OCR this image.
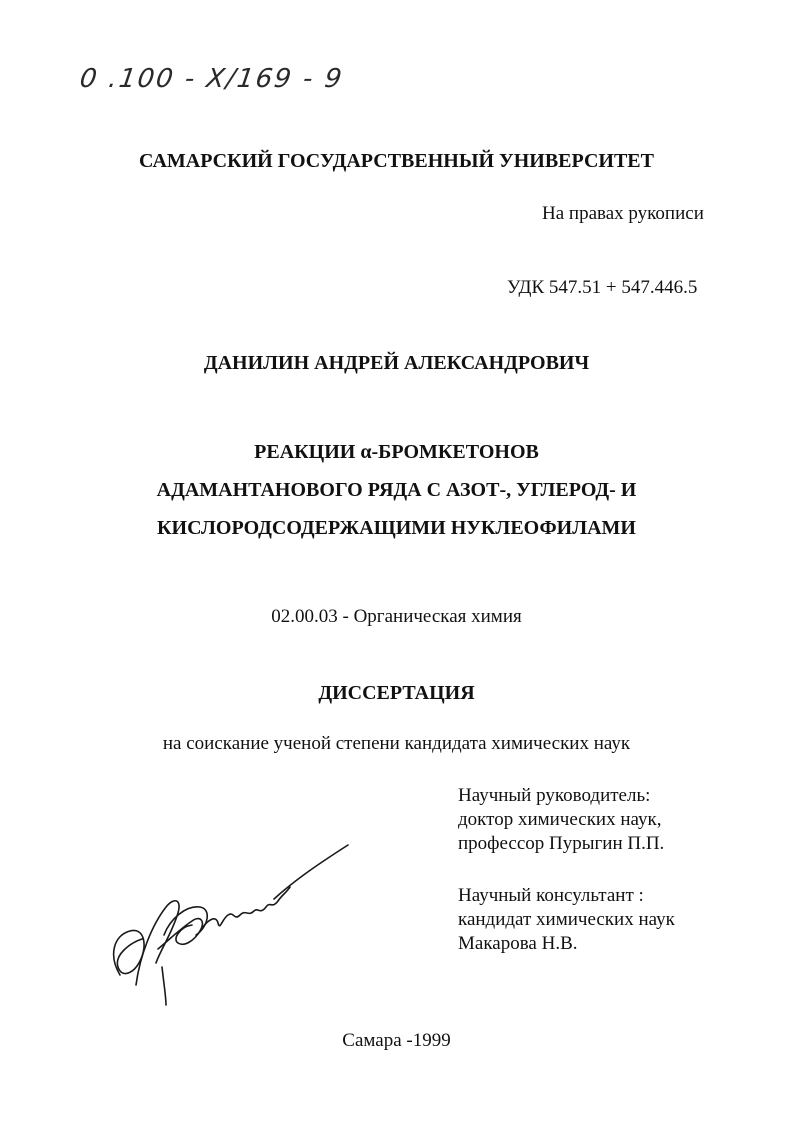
0 .100 - Х/169 - 9
САМАРСКИЙ ГОСУДАРСТВЕННЫЙ УНИВЕРСИТЕТ
На правах рукописи
УДК 547.51 + 547.446.5
ДАНИЛИН АНДРЕЙ АЛЕКСАНДРОВИЧ
РЕАКЦИИ α-БРОМКЕТОНОВ
АДАМАНТАНОВОГО РЯДА С АЗОТ-, УГЛЕРОД- И
КИСЛОРОДСОДЕРЖАЩИМИ НУКЛЕОФИЛАМИ
02.00.03 - Органическая химия
ДИССЕРТАЦИЯ
на соискание ученой степени кандидата химических наук
Научный руководитель:
доктор химических наук,
профессор Пурыгин П.П.
Научный консультант :
кандидат химических наук
Макарова Н.В.
Самара -1999
